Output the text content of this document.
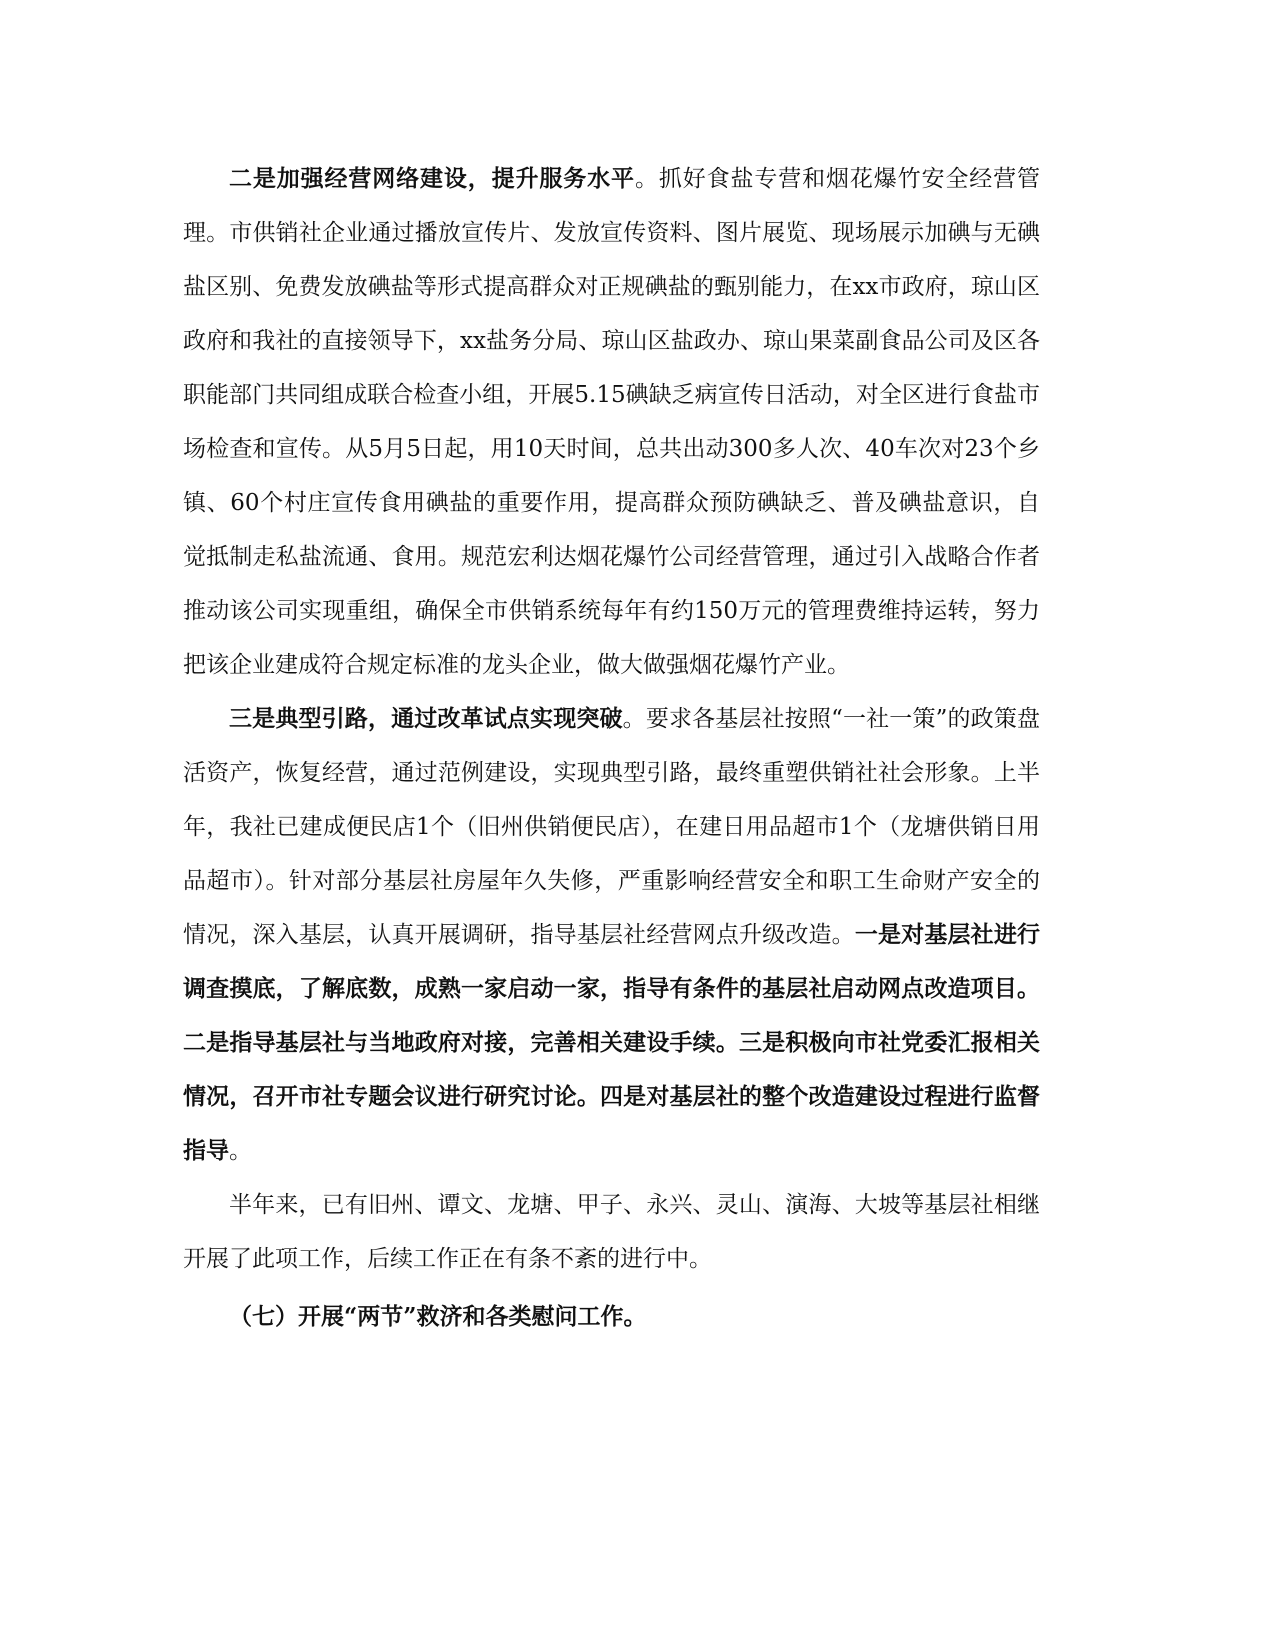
二是加强经营网络建设，提升服务水平。抓好食盐专营和烟花爆竹安全经营管理。市供销社企业通过播放宣传片、发放宣传资料、图片展览、现场展示加碘与无碘盐区别、免费发放碘盐等形式提高群众对正规碘盐的甄别能力，在xx市政府，琼山区政府和我社的直接领导下，xx盐务分局、琼山区盐政办、琼山果菜副食品公司及区各职能部门共同组成联合检查小组，开展5.15碘缺乏病宣传日活动，对全区进行食盐市场检查和宣传。从5月5日起，用10天时间，总共出动300多人次、40车次对23个乡镇、60个村庄宣传食用碘盐的重要作用，提高群众预防碘缺乏、普及碘盐意识，自觉抵制走私盐流通、食用。规范宏利达烟花爆竹公司经营管理，通过引入战略合作者推动该公司实现重组，确保全市供销系统每年有约150万元的管理费维持运转，努力把该企业建成符合规定标准的龙头企业，做大做强烟花爆竹产业。

三是典型引路，通过改革试点实现突破。要求各基层社按照“一社一策”的政策盘活资产，恢复经营，通过范例建设，实现典型引路，最终重塑供销社社会形象。上半年，我社已建成便民店1个（旧州供销便民店），在建日用品超市1个（龙塘供销日用品超市）。针对部分基层社房屋年久失修，严重影响经营安全和职工生命财产安全的情况，深入基层，认真开展调研，指导基层社经营网点升级改造。一是对基层社进行调查摸底，了解底数，成熟一家启动一家，指导有条件的基层社启动网点改造项目。二是指导基层社与当地政府对接，完善相关建设手续。三是积极向市社党委汇报相关情况，召开市社专题会议进行研究讨论。四是对基层社的整个改造建设过程进行监督指导。

半年来，已有旧州、谭文、龙塘、甲子、永兴、灵山、演海、大坡等基层社相继开展了此项工作，后续工作正在有条不紊的进行中。

（七）开展“两节”救济和各类慰问工作。
